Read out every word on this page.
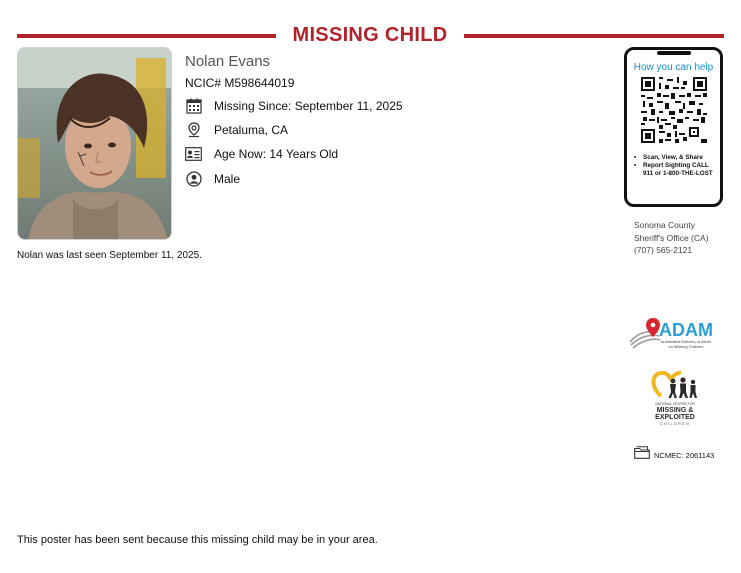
MISSING CHILD
Nolan Evans
NCIC# M598644019
Missing Since: September 11, 2025
Petaluma, CA
Age Now: 14 Years Old
Male
Nolan was last seen September 11, 2025.
How you can help
• Scan, View, & Share
• Report Sighting CALL 911 or 1-800-THE-LOST
Sonoma County
Sheriff's Office (CA)
(707) 565-2121
ADAM
Automated Delivery of Alerts
on Missing Children
NATIONAL CENTER FOR
MISSING &
EXPLOITED
CHILDREN
NCMEC: 2061143
This poster has been sent because this missing child may be in your area.
